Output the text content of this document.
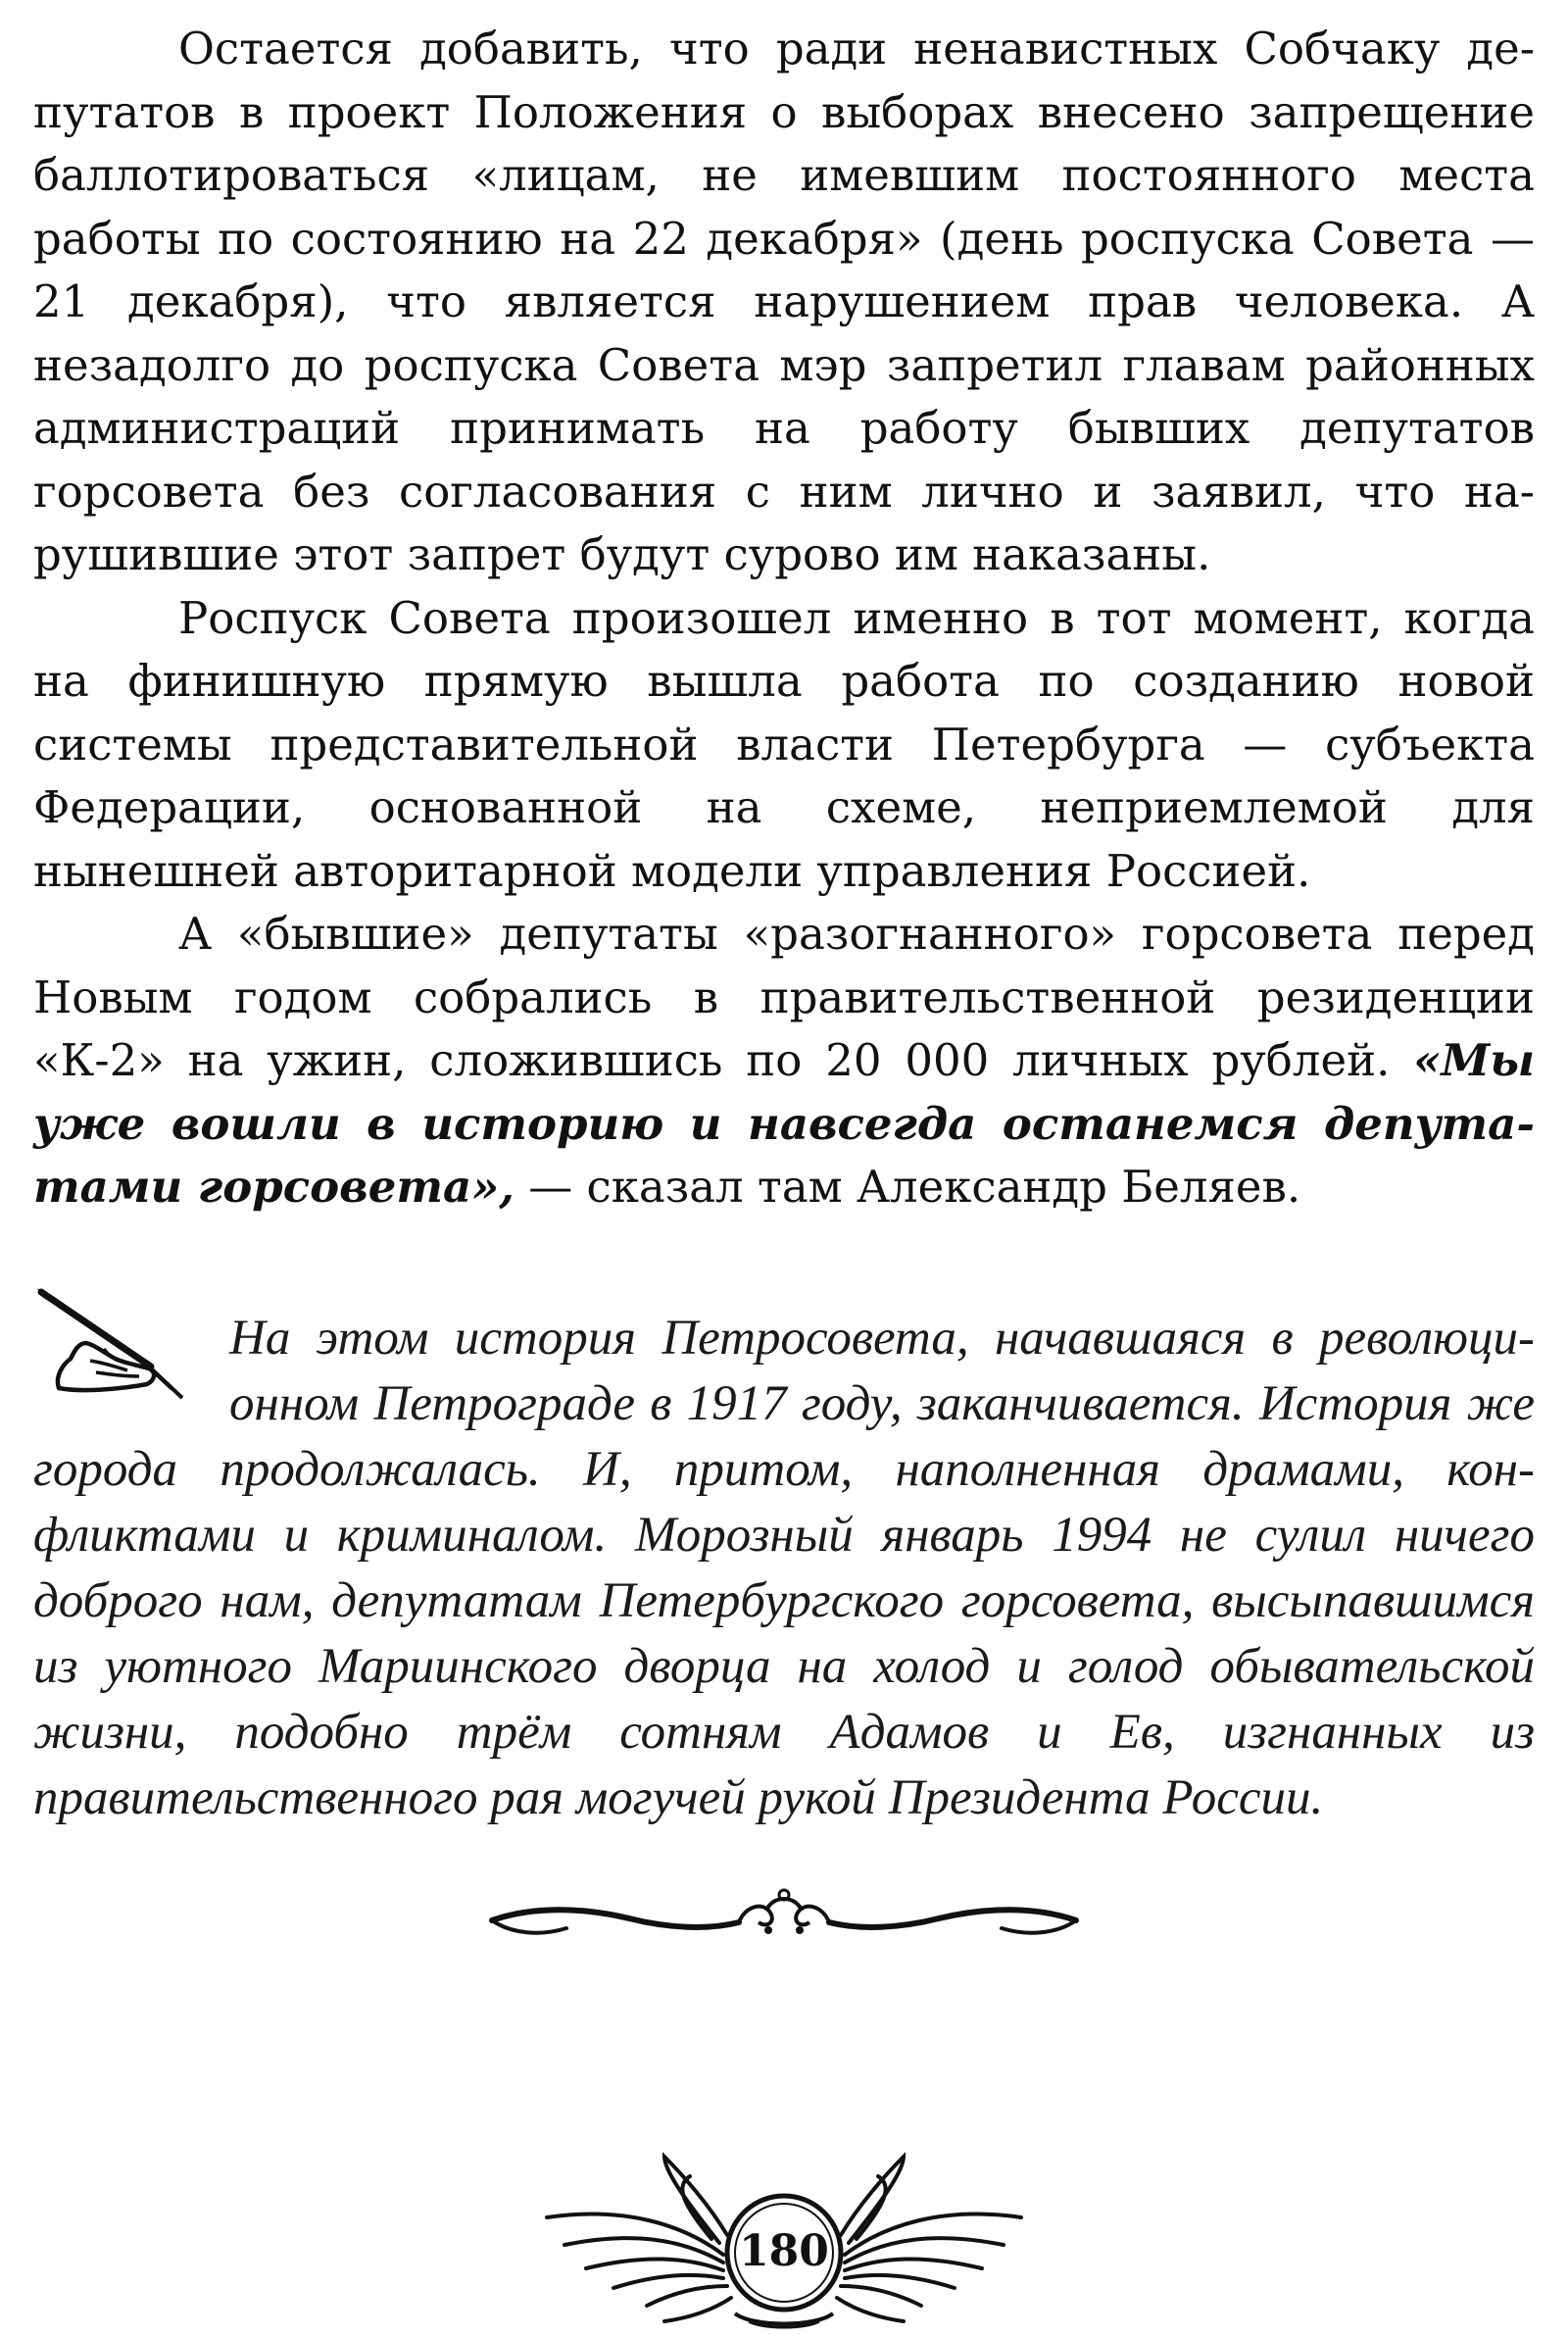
Остается добавить, что ради ненавистных Собчаку депутатов в проект Положения о выборах внесено запрещение баллотироваться «лицам, не имевшим постоянного места работы по состоянию на 22 декабря» (день роспуска Совета — 21 декабря), что является нарушением прав человека. А незадолго до роспуска Совета мэр запретил главам районных администраций принимать на работу бывших депутатов горсовета без согласования с ним лично и заявил, что нарушившие этот запрет будут сурово им наказаны.

Роспуск Совета произошел именно в тот момент, когда на финишную прямую вышла работа по созданию новой системы представительной власти Петербурга — субъекта Федерации, основанной на схеме, неприемлемой для нынешней авторитарной модели управления Россией.

А «бывшие» депутаты «разогнанного» горсовета перед Новым годом собрались в правительственной резиденции «К-2» на ужин, сложившись по 20 000 личных рублей. «Мы уже вошли в историю и навсегда останемся депутатами горсовета», — сказал там Александр Беляев.

На этом история Петросовета, начавшаяся в революционном Петрограде в 1917 году, заканчивается. История же города продолжалась. И, притом, наполненная драмами, конфликтами и криминалом. Морозный январь 1994 не сулил ничего доброго нам, депутатам Петербургского горсовета, высыпавшимся из уютного Мариинского дворца на холод и голод обывательской жизни, подобно трём сотням Адамов и Ев, изгнанных из правительственного рая могучей рукой Президента России.
180
